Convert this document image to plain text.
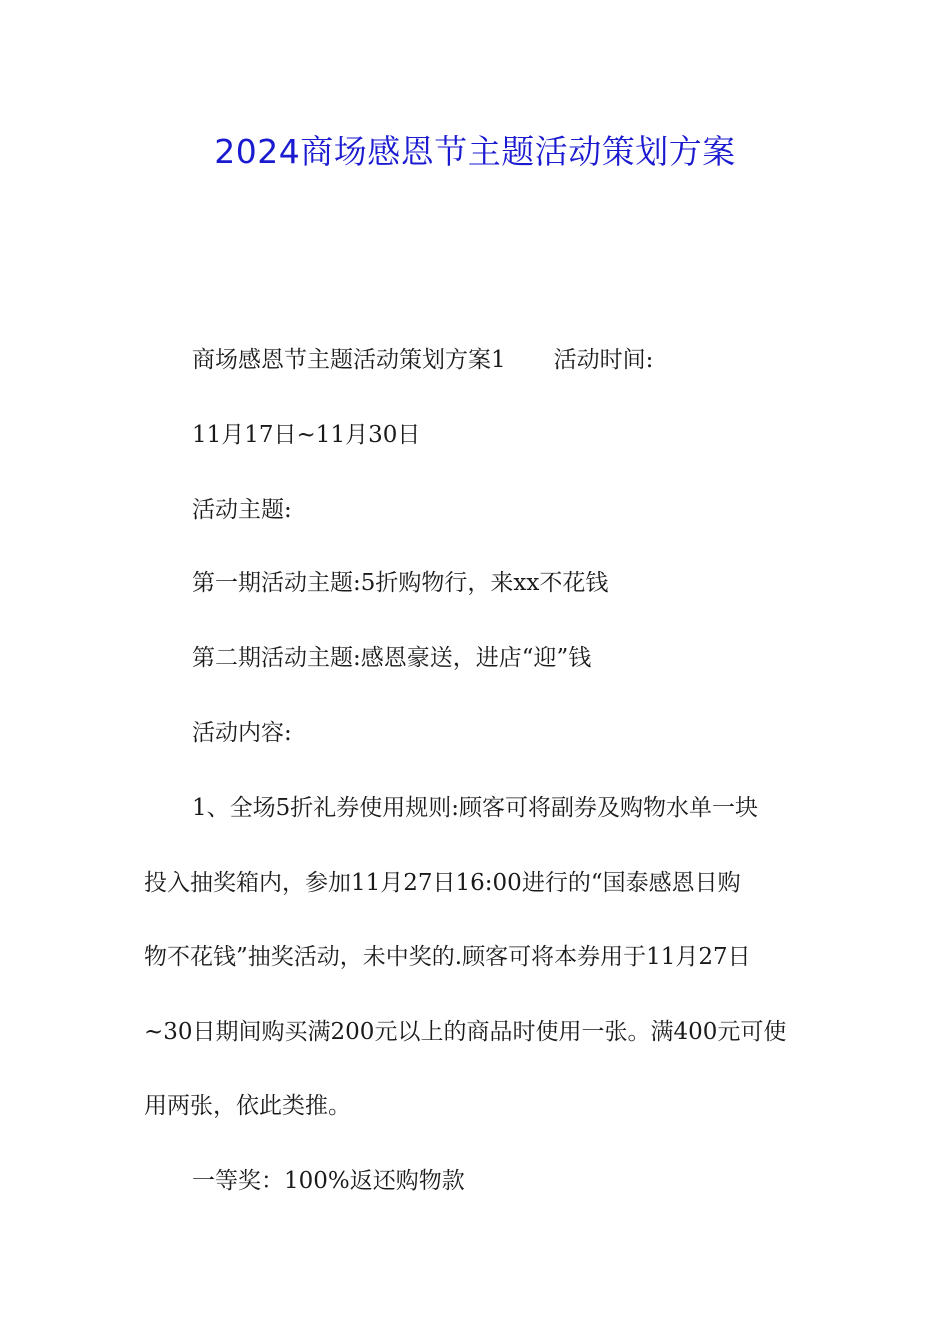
2024商场感恩节主题活动策划方案
商场感恩节主题活动策划方案1 活动时间:
11月17日~11月30日
活动主题:
第一期活动主题:5折购物行，来xx不花钱
第二期活动主题:感恩豪送，进店“迎”钱
活动内容:
1、全场5折礼券使用规则:顾客可将副券及购物水单一块
投入抽奖箱内，参加11月27日16:00进行的“国泰感恩日购
物不花钱”抽奖活动，未中奖的.顾客可将本券用于11月27日
~30日期间购买满200元以上的商品时使用一张。满400元可使
用两张，依此类推。
一等奖：100%返还购物款
